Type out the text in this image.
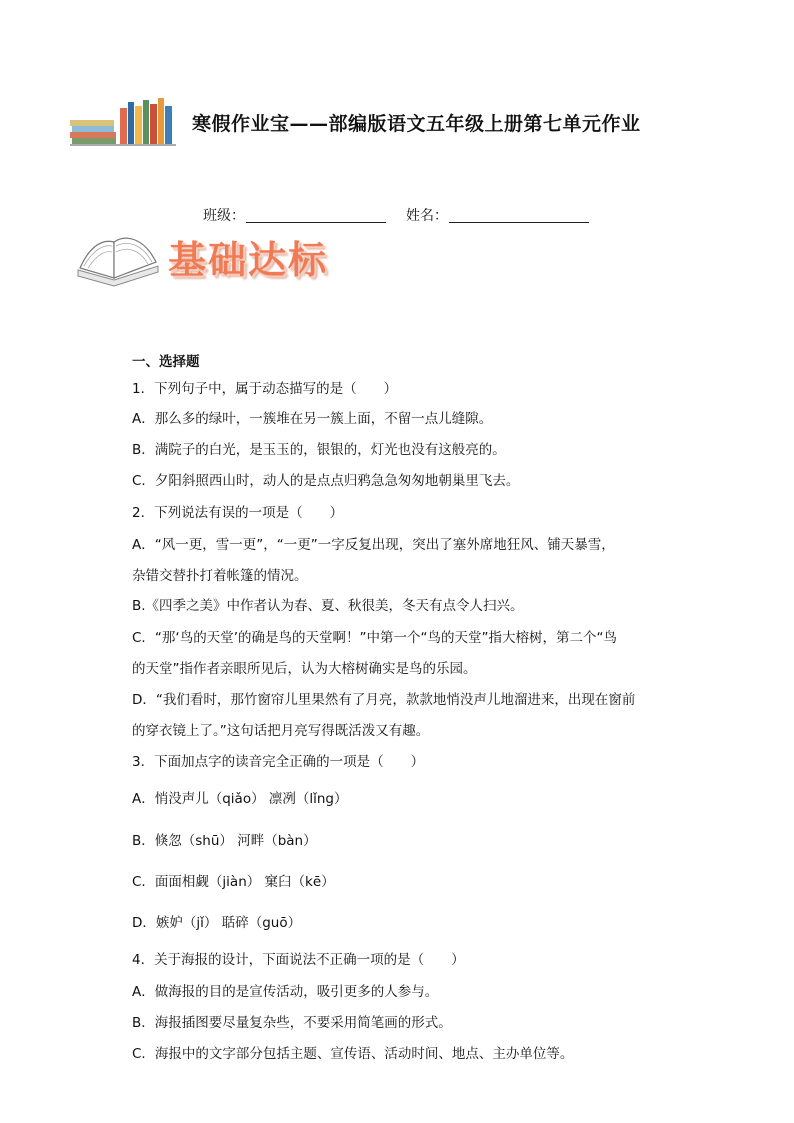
寒假作业宝——部编版语文五年级上册第七单元作业
班级：	姓名：
基础达标
一、选择题
1．下列句子中，属于动态描写的是（　　）
A．那么多的绿叶，一簇堆在另一簇上面，不留一点儿缝隙。
B．满院子的白光，是玉玉的，银银的，灯光也没有这般亮的。
C．夕阳斜照西山时，动人的是点点归鸦急急匆匆地朝巢里飞去。
2．下列说法有误的一项是（　　）
A．“风一更，雪一更”，“一更”一字反复出现，突出了塞外席地狂风、铺天暴雪，
杂错交替扑打着帐篷的情况。
B.《四季之美》中作者认为春、夏、秋很美，冬天有点令人扫兴。
C．“那‘鸟的天堂’的确是鸟的天堂啊！”中第一个“鸟的天堂”指大榕树，第二个“鸟
的天堂”指作者亲眼所见后，认为大榕树确实是鸟的乐园。
D．“我们看时，那竹窗帘儿里果然有了月亮，款款地悄没声儿地溜进来，出现在窗前
的穿衣镜上了。”这句话把月亮写得既活泼又有趣。
3．下面加点字的读音完全正确的一项是（　　）
A．悄没声儿（qiǎo） 凛冽（lǐng）
B．倏忽（shū） 河畔（bàn）
C．面面相觑（jiàn） 窠臼（kē）
D．嫉妒（jǐ） 聒碎（guō）
4．关于海报的设计，下面说法不正确一项的是（　　）
A．做海报的目的是宣传活动，吸引更多的人参与。
B．海报插图要尽量复杂些，不要采用简笔画的形式。
C．海报中的文字部分包括主题、宣传语、活动时间、地点、主办单位等。
